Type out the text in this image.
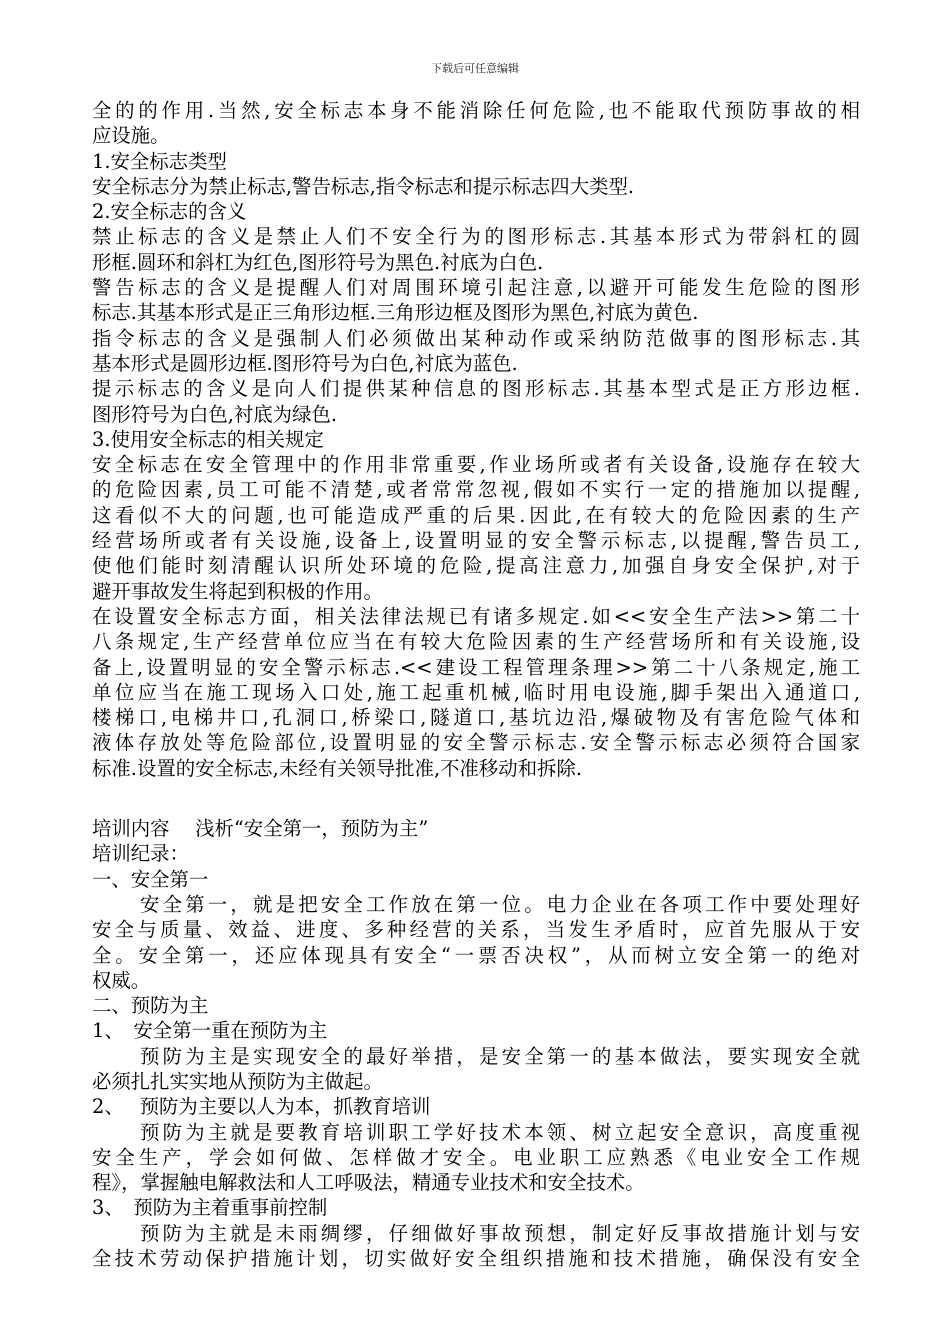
下载后可任意编辑
全的的作用.当然,安全标志本身不能消除任何危险,也不能取代预防事故的相
应设施。
1.安全标志类型
安全标志分为禁止标志,警告标志,指令标志和提示标志四大类型.
2.安全标志的含义
禁止标志的含义是禁止人们不安全行为的图形标志.其基本形式为带斜杠的圆
形框.圆环和斜杠为红色,图形符号为黑色.衬底为白色.
警告标志的含义是提醒人们对周围环境引起注意,以避开可能发生危险的图形
标志.其基本形式是正三角形边框.三角形边框及图形为黑色,衬底为黄色.
指令标志的含义是强制人们必须做出某种动作或采纳防范做事的图形标志.其
基本形式是圆形边框.图形符号为白色,衬底为蓝色.
提示标志的含义是向人们提供某种信息的图形标志.其基本型式是正方形边框.
图形符号为白色,衬底为绿色.
3.使用安全标志的相关规定
安全标志在安全管理中的作用非常重要,作业场所或者有关设备,设施存在较大
的危险因素,员工可能不清楚,或者常常忽视,假如不实行一定的措施加以提醒,
这看似不大的问题,也可能造成严重的后果.因此,在有较大的危险因素的生产
经营场所或者有关设施,设备上,设置明显的安全警示标志,以提醒,警告员工,
使他们能时刻清醒认识所处环境的危险,提高注意力,加强自身安全保护,对于
避开事故发生将起到积极的作用。
在设置安全标志方面，相关法律法规已有诸多规定.如<<安全生产法>>第二十
八条规定,生产经营单位应当在有较大危险因素的生产经营场所和有关设施,设
备上,设置明显的安全警示标志.<<建设工程管理条理>>第二十八条规定,施工
单位应当在施工现场入口处,施工起重机械,临时用电设施,脚手架出入通道口,
楼梯口,电梯井口,孔洞口,桥梁口,隧道口,基坑边沿,爆破物及有害危险气体和
液体存放处等危险部位,设置明显的安全警示标志.安全警示标志必须符合国家
标准.设置的安全标志,未经有关领导批准,不准移动和拆除.
培训内容　 浅析“安全第一，预防为主”
培训纪录：
一、安全第一
安全第一，就是把安全工作放在第一位。电力企业在各项工作中要处理好
安全与质量、效益、进度、多种经营的关系，当发生矛盾时，应首先服从于安
全。安全第一，还应体现具有安全“一票否决权”，从而树立安全第一的绝对
权威。
二、预防为主
1、　安全第一重在预防为主
预防为主是实现安全的最好举措，是安全第一的基本做法，要实现安全就
必须扎扎实实地从预防为主做起。
2、　 预防为主要以人为本，抓教育培训
预防为主就是要教育培训职工学好技术本领、树立起安全意识，高度重视
安全生产，学会如何做、怎样做才安全。电业职工应熟悉《电业安全工作规
程》，掌握触电解救法和人工呼吸法，精通专业技术和安全技术。
3、　预防为主着重事前控制
预防为主就是未雨绸缪，仔细做好事故预想，制定好反事故措施计划与安
全技术劳动保护措施计划，切实做好安全组织措施和技术措施，确保没有安全
